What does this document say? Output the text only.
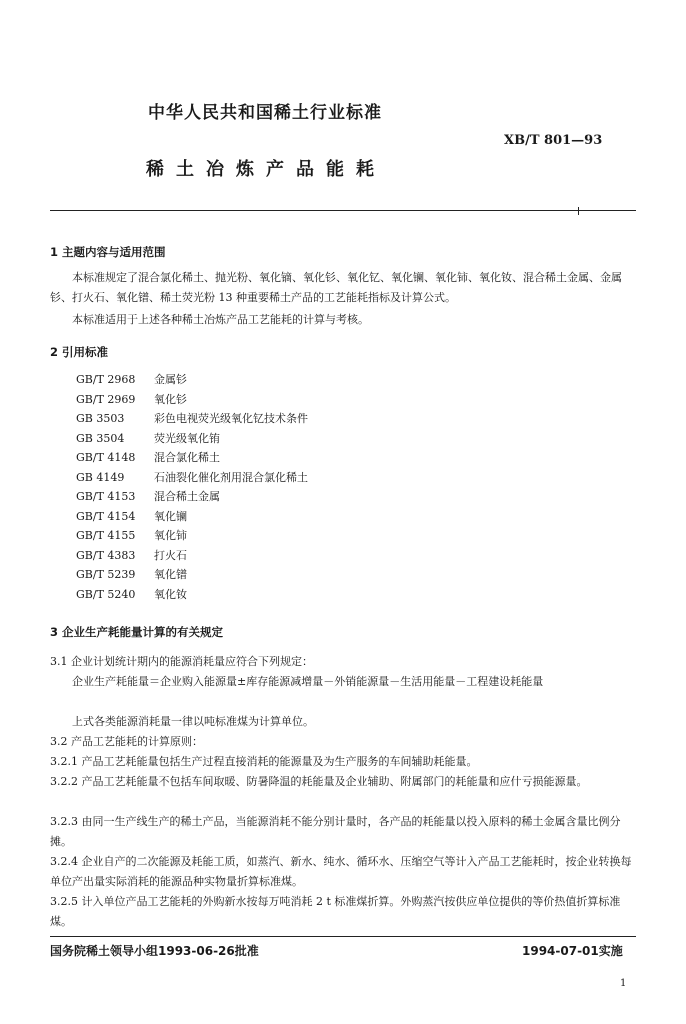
中华人民共和国稀土行业标准
XB/T 801—93
稀土冶炼产品能耗
1 主题内容与适用范围
本标准规定了混合氯化稀土、抛光粉、氧化镝、氧化钐、氧化钇、氧化镧、氧化铈、氧化钕、混合稀土金属、金属钐、打火石、氧化镨、稀土荧光粉 13 种重要稀土产品的工艺能耗指标及计算公式。
本标准适用于上述各种稀土冶炼产品工艺能耗的计算与考核。
2 引用标准
GB/T 2968 金属钐
GB/T 2969 氧化钐
GB 3503	彩色电视荧光级氧化钇技术条件
GB 3504	荧光级氧化铕
GB/T 4148 混合氯化稀土
GB 4149	石油裂化催化剂用混合氯化稀土
GB/T 4153 混合稀土金属
GB/T 4154 氧化镧
GB/T 4155 氧化铈
GB/T 4383 打火石
GB/T 5239 氧化镨
GB/T 5240 氧化钕
3 企业生产耗能量计算的有关规定
3.1 企业计划统计期内的能源消耗量应符合下列规定：
企业生产耗能量＝企业购入能源量±库存能源减增量－外销能源量－生活用能量－工程建设耗能量
上式各类能源消耗量一律以吨标准煤为计算单位。
3.2 产品工艺能耗的计算原则：
3.2.1 产品工艺耗能量包括生产过程直接消耗的能源量及为生产服务的车间辅助耗能量。
3.2.2 产品工艺耗能量不包括车间取暖、防暑降温的耗能量及企业辅助、附属部门的耗能量和应什亏损能源量。
3.2.3 由同一生产线生产的稀土产品，当能源消耗不能分别计量时，各产品的耗能量以投入原料的稀土金属含量比例分摊。
3.2.4 企业自产的二次能源及耗能工质，如蒸汽、新水、纯水、循环水、压缩空气等计入产品工艺能耗时，按企业转换每单位产出量实际消耗的能源品种实物量折算标准煤。
3.2.5 计入单位产品工艺能耗的外购新水按每万吨消耗 2 t 标准煤折算。外购蒸汽按供应单位提供的等价热值折算标准煤。
国务院稀土领导小组1993-06-26批准	1994-07-01实施
1
